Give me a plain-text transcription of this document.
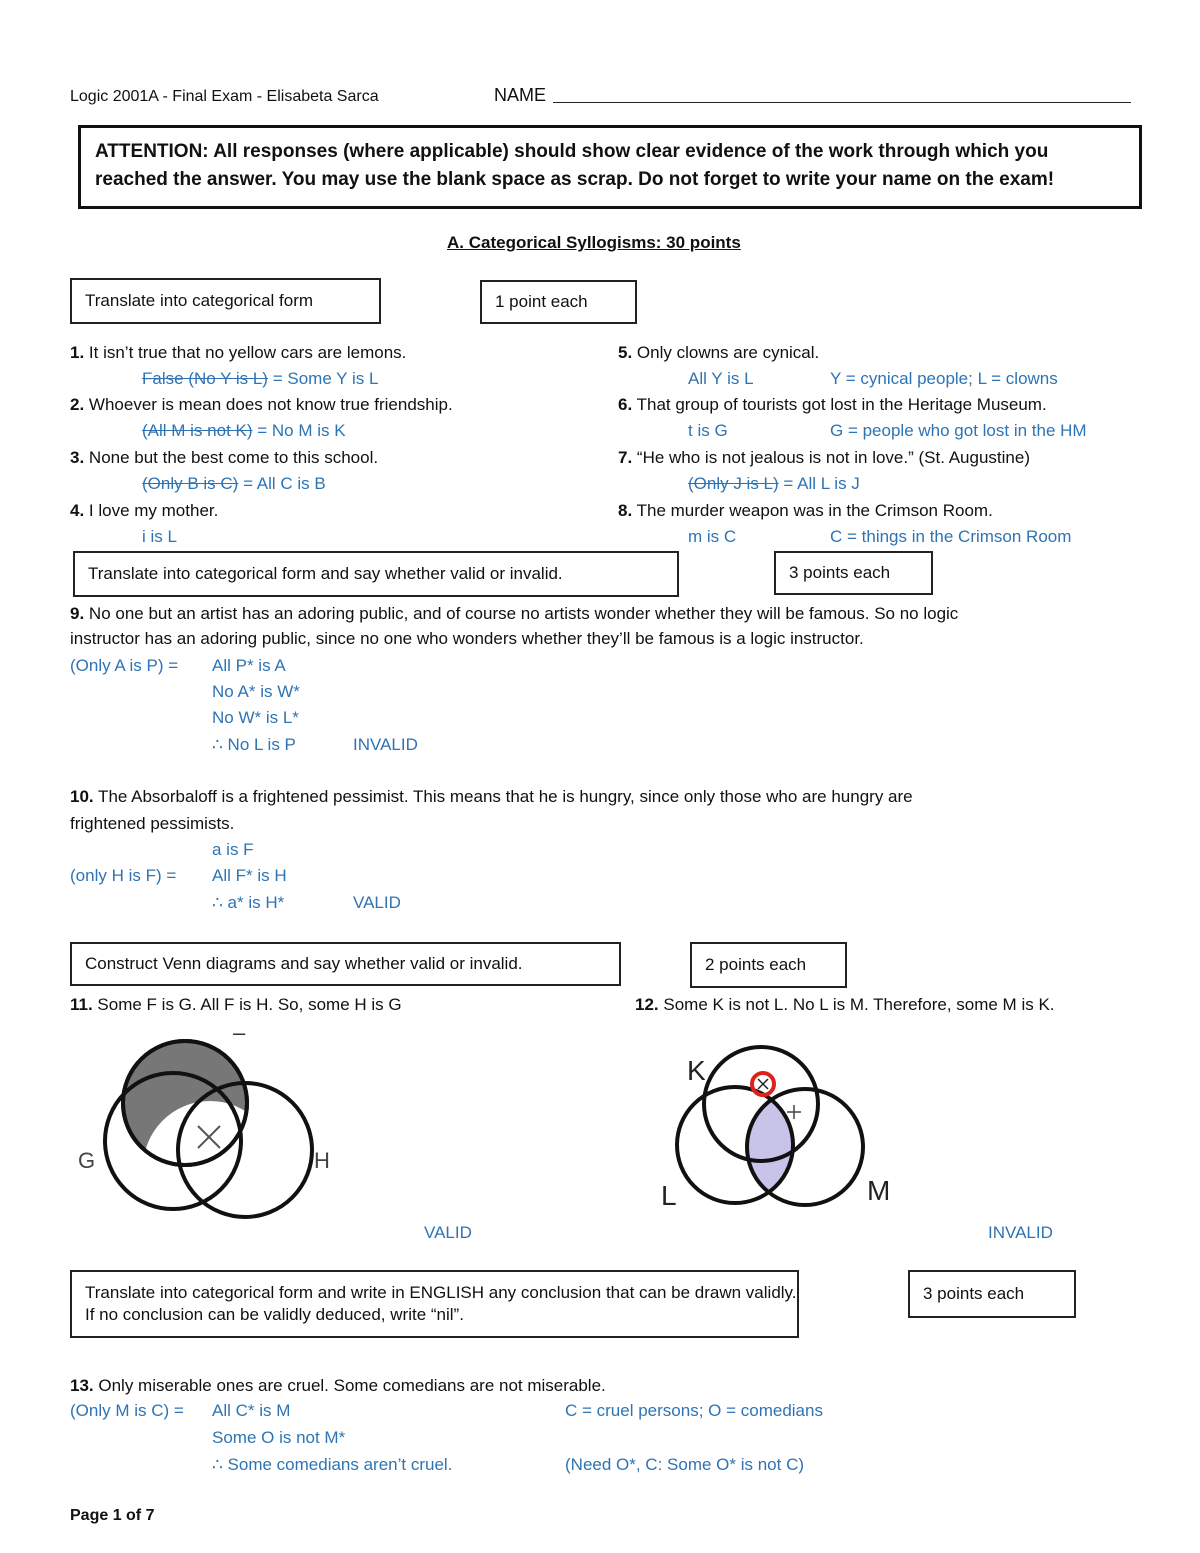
Logic 2001A - Final Exam - Elisabeta Sarca	NAME
ATTENTION: All responses (where applicable) should show clear evidence of the work through which you reached the answer. You may use the blank space as scrap. Do not forget to write your name on the exam!
A. Categorical Syllogisms: 30 points
Translate into categorical form	1 point each
1. It isn’t true that no yellow cars are lemons.
False (No Y is L) = Some Y is L
2. Whoever is mean does not know true friendship.
(All M is not K) = No M is K
3. None but the best come to this school.
(Only B is C) = All C is B
4. I love my mother.
i is L
5. Only clowns are cynical.
All Y is L	Y = cynical people; L = clowns
6. That group of tourists got lost in the Heritage Museum.
t is G	G = people who got lost in the HM
7. “He who is not jealous is not in love.” (St. Augustine)
(Only J is L) = All L is J
8. The murder weapon was in the Crimson Room.
m is C	C = things in the Crimson Room
Translate into categorical form and say whether valid or invalid.	3 points each
9. No one but an artist has an adoring public, and of course no artists wonder whether they will be famous. So no logic
instructor has an adoring public, since no one who wonders whether they’ll be famous is a logic instructor.
(Only A is P) = All P* is A
No A* is W*
No W* is L*
∴ No L is P	INVALID
10. The Absorbaloff is a frightened pessimist. This means that he is hungry, since only those who are hungry are
frightened pessimists.
a is F
(only H is F) = All F* is H
∴ a* is H*	VALID
Construct Venn diagrams and say whether valid or invalid.	2 points each
11. Some F is G. All F is H. So, some H is G	12. Some K is not L. No L is M. Therefore, some M is K.
–
G	H
K
L	M
VALID	INVALID
Translate into categorical form and write in ENGLISH any conclusion that can be drawn validly. If no conclusion can be validly deduced, write “nil”.
3 points each
13. Only miserable ones are cruel. Some comedians are not miserable.
(Only M is C) = All C* is M	C = cruel persons; O = comedians
Some O is not M*
∴ Some comedians aren’t cruel.	(Need O*, C: Some O* is not C)
Page 1 of 7
